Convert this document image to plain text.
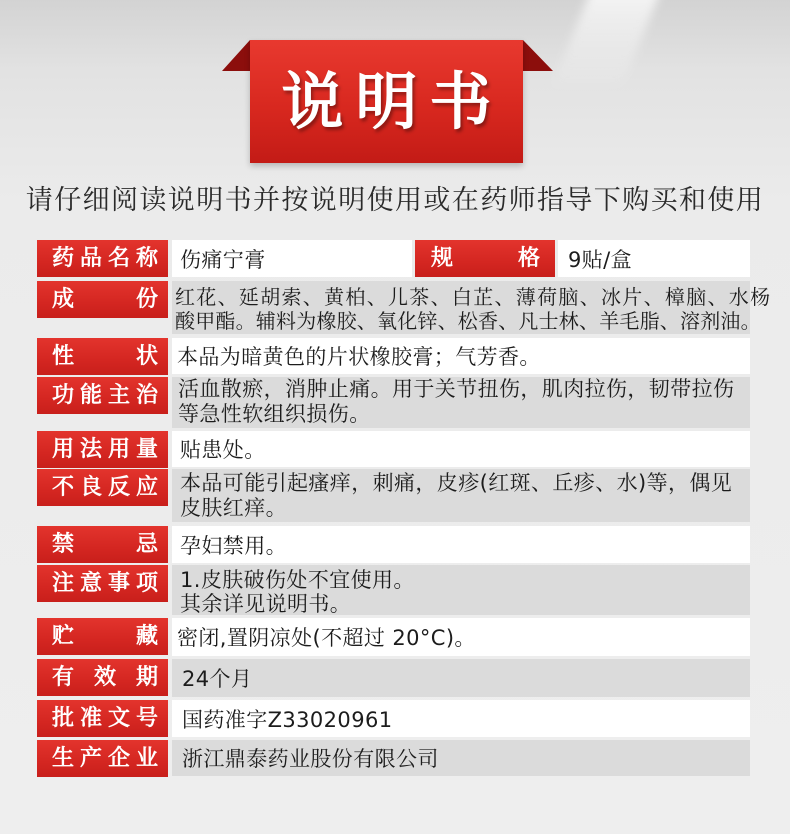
说明书
请仔细阅读说明书并按说明使用或在药师指导下购买和使用
药品名称 伤痛宁膏	规 格	9贴/盒
成 份 红花、延胡索、黄柏、儿茶、白芷、薄荷脑、冰片、樟脑、水杨
酸甲酯。辅料为橡胶、氧化锌、松香、凡士林、羊毛脂、溶剂油。
性 状 本品为暗黄色的片状橡胶膏；气芳香。
功能主治 活血散瘀，消肿止痛。用于关节扭伤，肌肉拉伤，韧带拉伤
等急性软组织损伤。
用法用量 贴患处。
不良反应 本品可能引起瘙痒，刺痛，皮疹(红斑、丘疹、水)等，偶见
皮肤红痒。
禁 忌 孕妇禁用。
注意事项 1.皮肤破伤处不宜使用。
其余详见说明书。
贮 藏 密闭,置阴凉处(不超过 20°C)。
有 效 期 24个月
批准文号 国药准字Z33020961
生产企业 浙江鼎泰药业股份有限公司
